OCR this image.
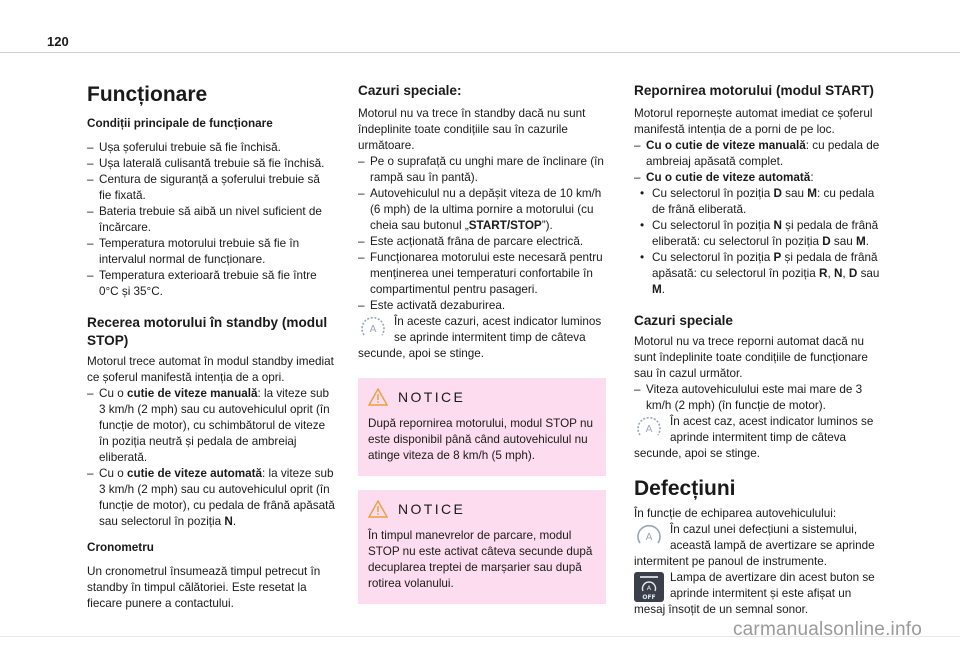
120
Funcționare
Condiții principale de funcționare
– Ușa șoferului trebuie să fie închisă.
– Ușa laterală culisantă trebuie să fie închisă.
– Centura de siguranță a șoferului trebuie să fie fixată.
– Bateria trebuie să aibă un nivel suficient de încărcare.
– Temperatura motorului trebuie să fie în intervalul normal de funcționare.
– Temperatura exterioară trebuie să fie între 0°C și 35°C.
Recerea motorului în standby (modul STOP)

Motorul trece automat în modul standby imediat ce șoferul manifestă intenția de a opri.

– Cu o cutie de viteze manuală: la viteze sub 3 km/h (2 mph) sau cu autovehiculul oprit (în funcție de motor), cu schimbătorul de viteze în poziția neutră și pedala de ambreiaj eliberată.
– Cu o cutie de viteze automată: la viteze sub 3 km/h (2 mph) sau cu autovehiculul oprit (în funcție de motor), cu pedala de frână apăsată sau selectorul în poziția N.
Cronometru

Un cronometrul însumează timpul petrecut în standby în timpul călătoriei. Este resetat la fiecare punere a contactului.

Cazuri speciale:

Motorul nu va trece în standby dacă nu sunt îndeplinite toate condițiile sau în cazurile următoare.

– Pe o suprafață cu unghi mare de înclinare (în rampă sau în pantă).
– Autovehiculul nu a depășit viteza de 10 km/h (6 mph) de la ultima pornire a motorului (cu cheia sau butonul „START/STOP”).
– Este acționată frâna de parcare electrică.
– Funcționarea motorului este necesară pentru menținerea unei temperaturi confortabile în compartimentul pentru pasageri.
– Este activată dezaburirea.
A

În aceste cazuri, acest indicator luminos se aprinde intermitent timp de câteva secunde, apoi se stinge.

NOTICE

După repornirea motorului, modul STOP nu este disponibil până când autovehiculul nu atinge viteza de 8 km/h (5 mph).

NOTICE

În timpul manevrelor de parcare, modul STOP nu este activat câteva secunde după decuplarea treptei de marșarier sau după rotirea volanului.

Repornirea motorului (modul START)

Motorul repornește automat imediat ce șoferul manifestă intenția de a porni de pe loc.

– Cu o cutie de viteze manuală: cu pedala de ambreiaj apăsată complet.
– Cu o cutie de viteze automată:
• Cu selectorul în poziția D sau M: cu pedala de frână eliberată.
• Cu selectorul în poziția N și pedala de frână eliberată: cu selectorul în poziția D sau M.
• Cu selectorul în poziția P și pedala de frână apăsată: cu selectorul în poziția R, N, D sau M.
Cazuri speciale

Motorul nu va trece reporni automat dacă nu sunt îndeplinite toate condițiile de funcționare sau în cazul următor.

– Viteza autovehiculului este mai mare de 3 km/h (2 mph) (în funcție de motor).
A

În acest caz, acest indicator luminos se aprinde intermitent timp de câteva secunde, apoi se stinge.

Defecțiuni

În funcție de echiparea autovehiculului:

A

În cazul unei defecțiuni a sistemului, această lampă de avertizare se aprinde intermitent pe panoul de instrumente.

A
OFF

Lampa de avertizare din acest buton se aprinde intermitent și este afișat un mesaj însoțit de un semnal sonor.

carmanualsonline.info
